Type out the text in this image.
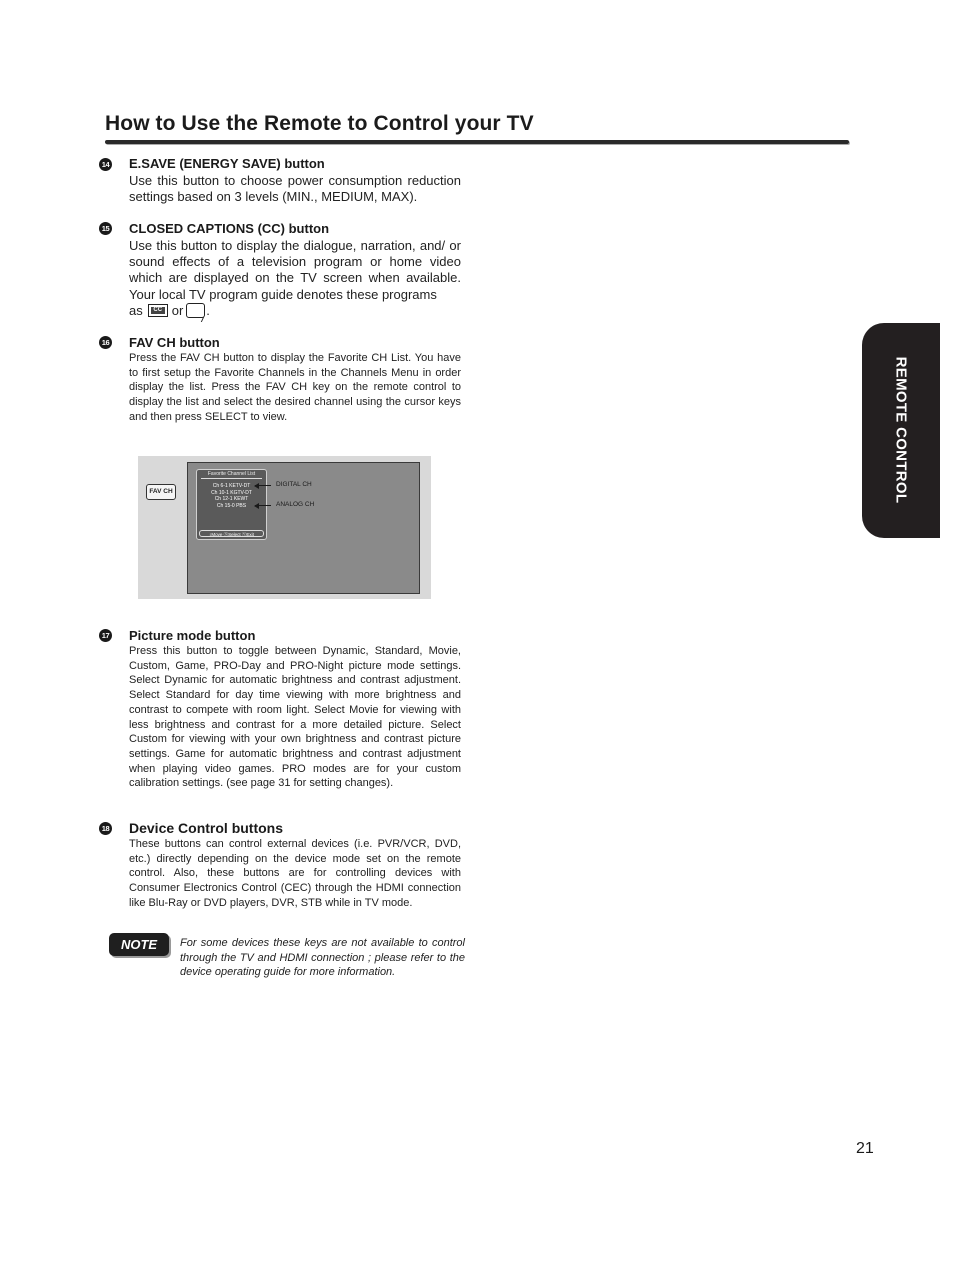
How to Use the Remote to Control your TV
REMOTE CONTROL
14 E.SAVE (ENERGY SAVE) button
Use this button to choose power consumption reduction settings based on 3 levels (MIN., MEDIUM, MAX).
15 CLOSED CAPTIONS (CC) button
Use this button to display the dialogue, narration, and/ or sound effects of a television program or home video which are displayed on the TV screen when available. Your local TV program guide denotes these programs
as	CC or .
16 FAV CH button
Press the FAV CH button to display the Favorite CH List. You have to first setup the Favorite Channels in the Channels Menu in order display the list. Press the FAV CH key on the remote control to display the list and select the desired channel using the cursor keys and then press SELECT to view.
FAV CH
Favorite Channel List
Ch 6-1 KETV-DT
Ch 10-1 KGTV-DT
Ch 12-1 KEWT
Ch 15-0 PBS
↕Move ⓈSelect ⓎExit
DIGITAL CH
ANALOG CH
17 Picture mode button
Press this button to toggle between Dynamic, Standard, Movie, Custom, Game, PRO-Day and PRO-Night picture mode settings. Select Dynamic for automatic brightness and contrast adjustment. Select Standard for day time viewing with more brightness and contrast to compete with room light. Select Movie for viewing with less brightness and contrast for a more detailed picture. Select Custom for viewing with your own brightness and contrast picture settings. Game for automatic brightness and contrast adjustment when playing video games. PRO modes are for your custom calibration settings. (see page 31 for setting changes).
18 Device Control buttons
These buttons can control external devices (i.e. PVR/VCR, DVD, etc.) directly depending on the device mode set on the remote control. Also, these buttons are for controlling devices with Consumer Electronics Control (CEC) through the HDMI connection like Blu-Ray or DVD players, DVR, STB while in TV mode.
NOTE	For some devices these keys are not available to control through the TV and HDMI connection ; please refer to the device operating guide for more information.
21
